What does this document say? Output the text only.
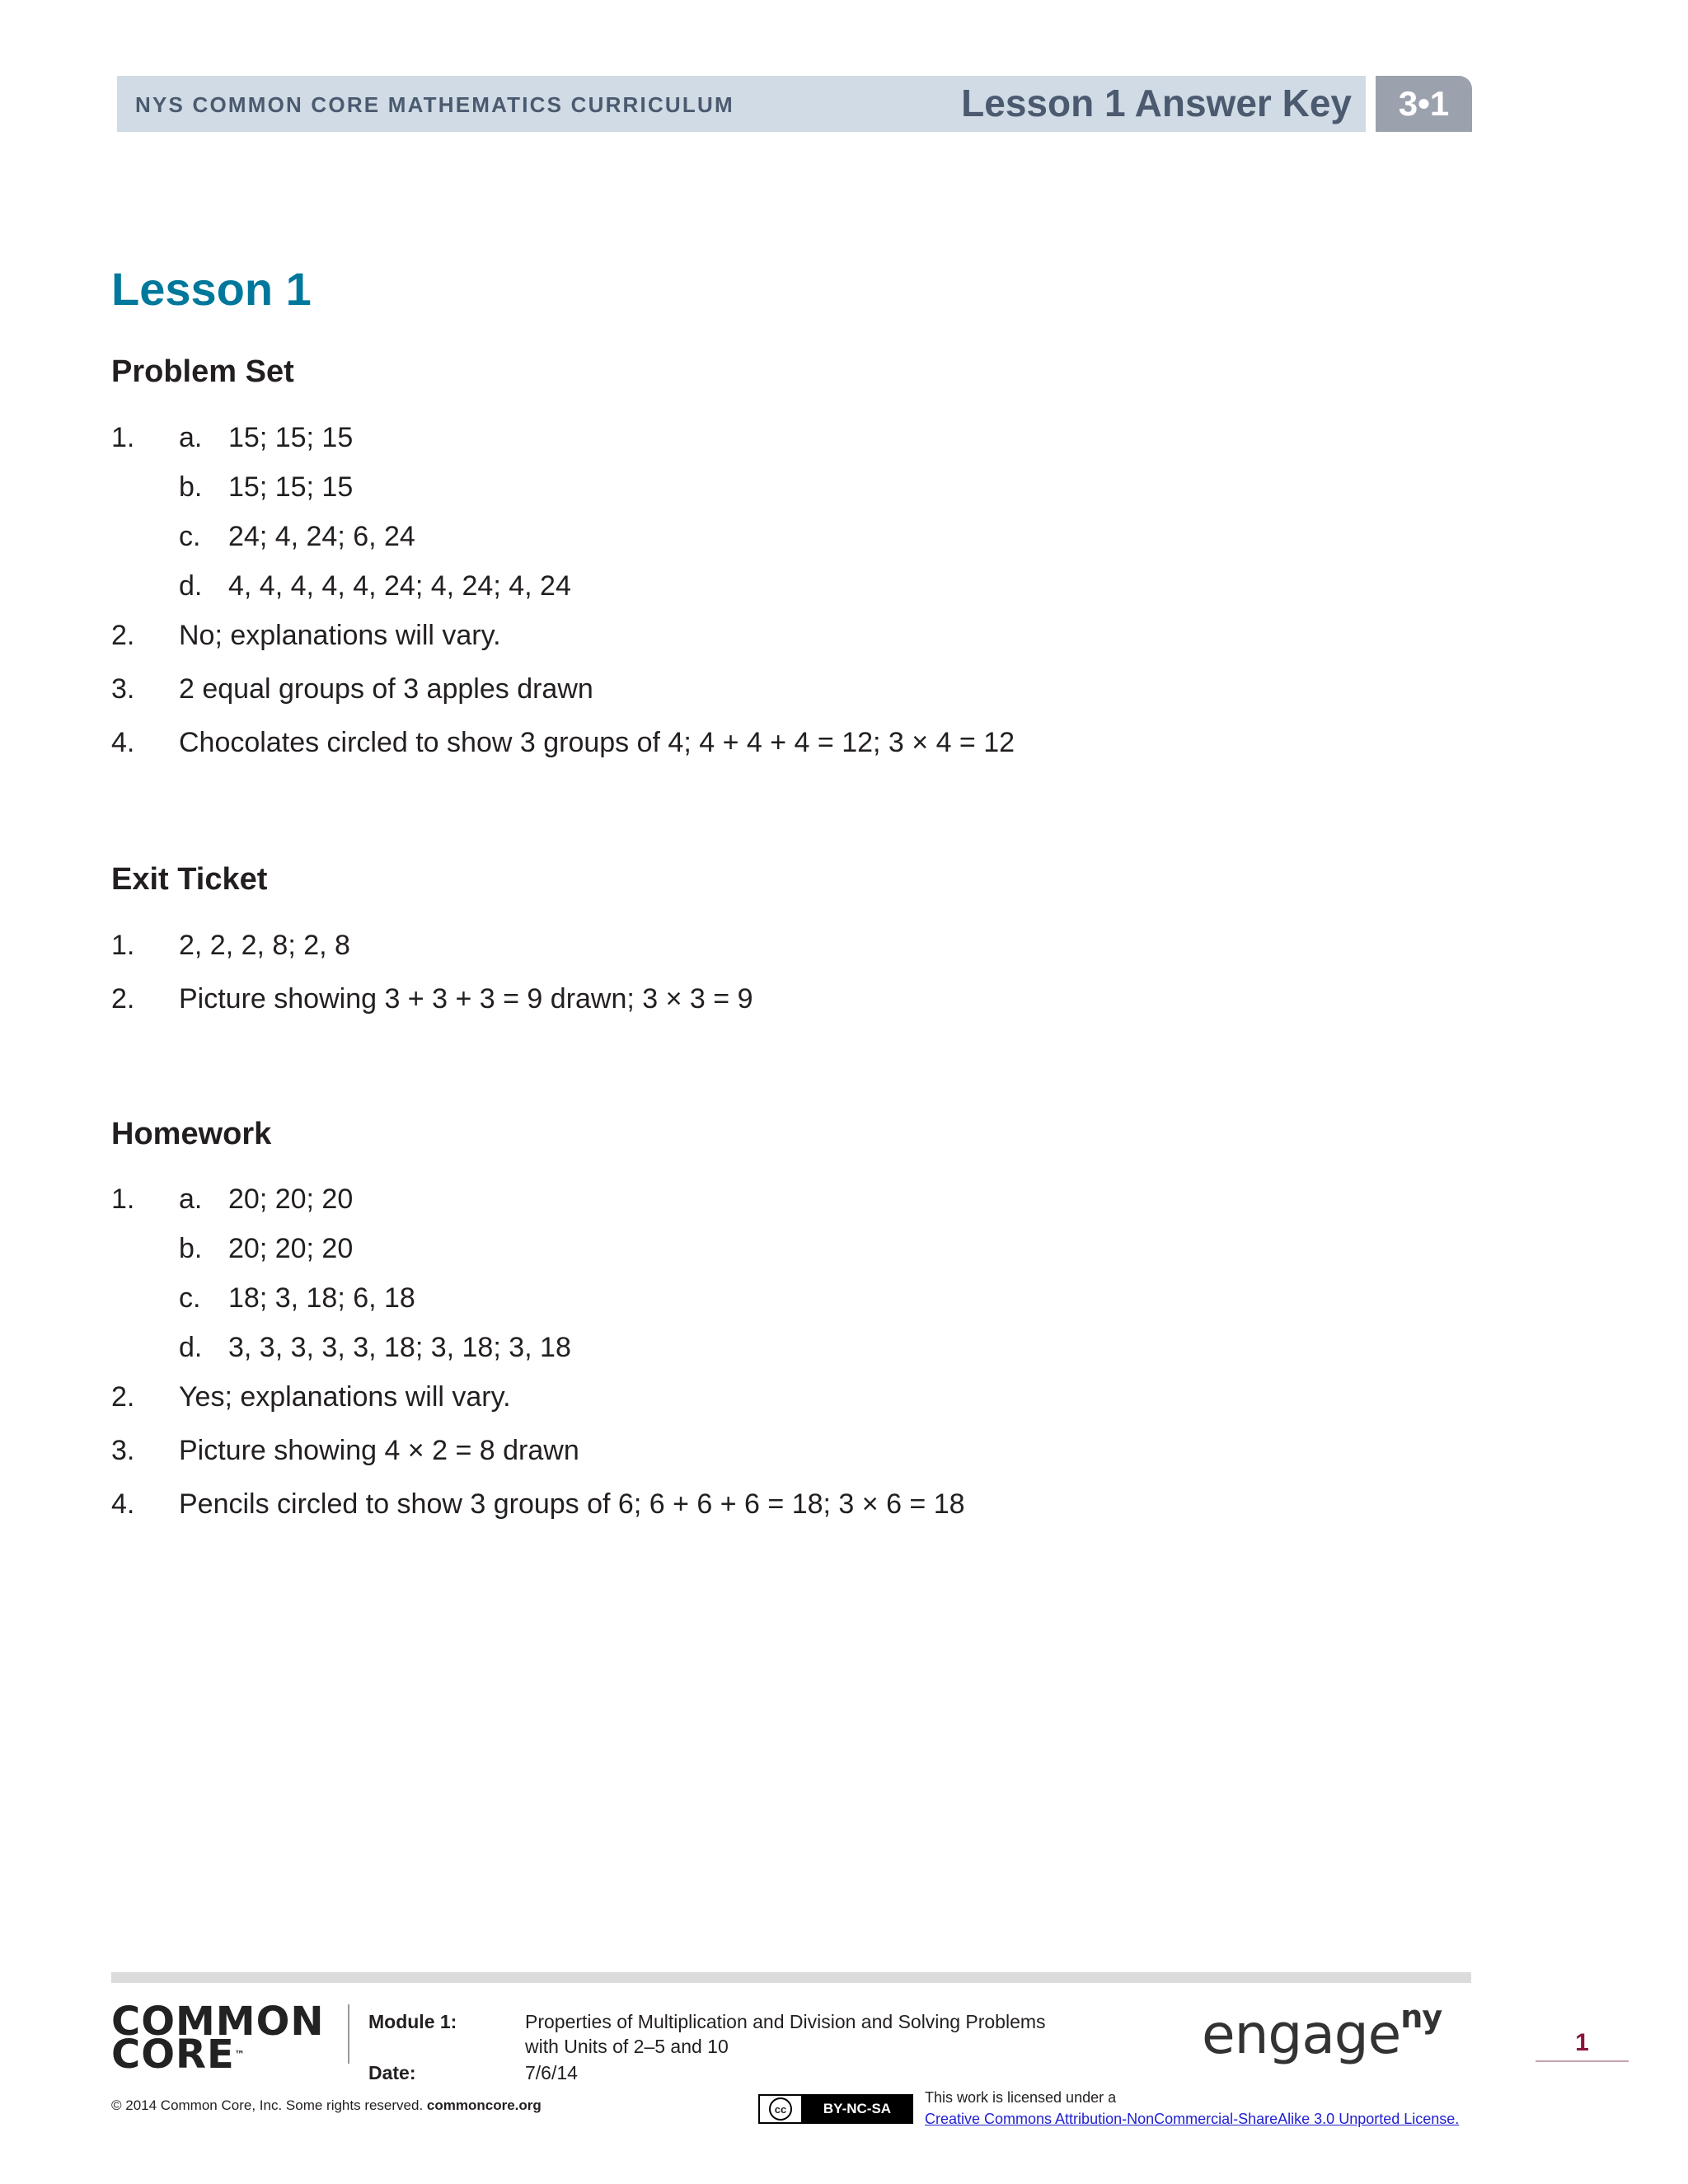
NYS COMMON CORE MATHEMATICS CURRICULUM	Lesson 1 Answer Key	3•1
Lesson 1
Problem Set
1. a. 15; 15; 15
b. 15; 15; 15
c. 24; 4, 24; 6, 24
d. 4, 4, 4, 4, 4, 24; 4, 24; 4, 24
2. No; explanations will vary.
3. 2 equal groups of 3 apples drawn
4. Chocolates circled to show 3 groups of 4; 4 + 4 + 4 = 12; 3 × 4 = 12
Exit Ticket
1. 2, 2, 2, 8; 2, 8
2. Picture showing 3 + 3 + 3 = 9 drawn; 3 × 3 = 9
Homework
1. a. 20; 20; 20
b. 20; 20; 20
c. 18; 3, 18; 6, 18
d. 3, 3, 3, 3, 3, 18; 3, 18; 3, 18
2. Yes; explanations will vary.
3. Picture showing 4 × 2 = 8 drawn
4. Pencils circled to show 3 groups of 6; 6 + 6 + 6 = 18; 3 × 6 = 18
COMMON
CORE™
Module 1:	Properties of Multiplication and Division and Solving Problems
with Units of 2–5 and 10
Date:	7/6/14
© 2014 Common Core, Inc. Some rights reserved. commoncore.org	cc	BY-NC-SA
This work is licensed under a
Creative Commons Attribution-NonCommercial-ShareAlike 3.0 Unported License.
engage$^{ny}$
1
